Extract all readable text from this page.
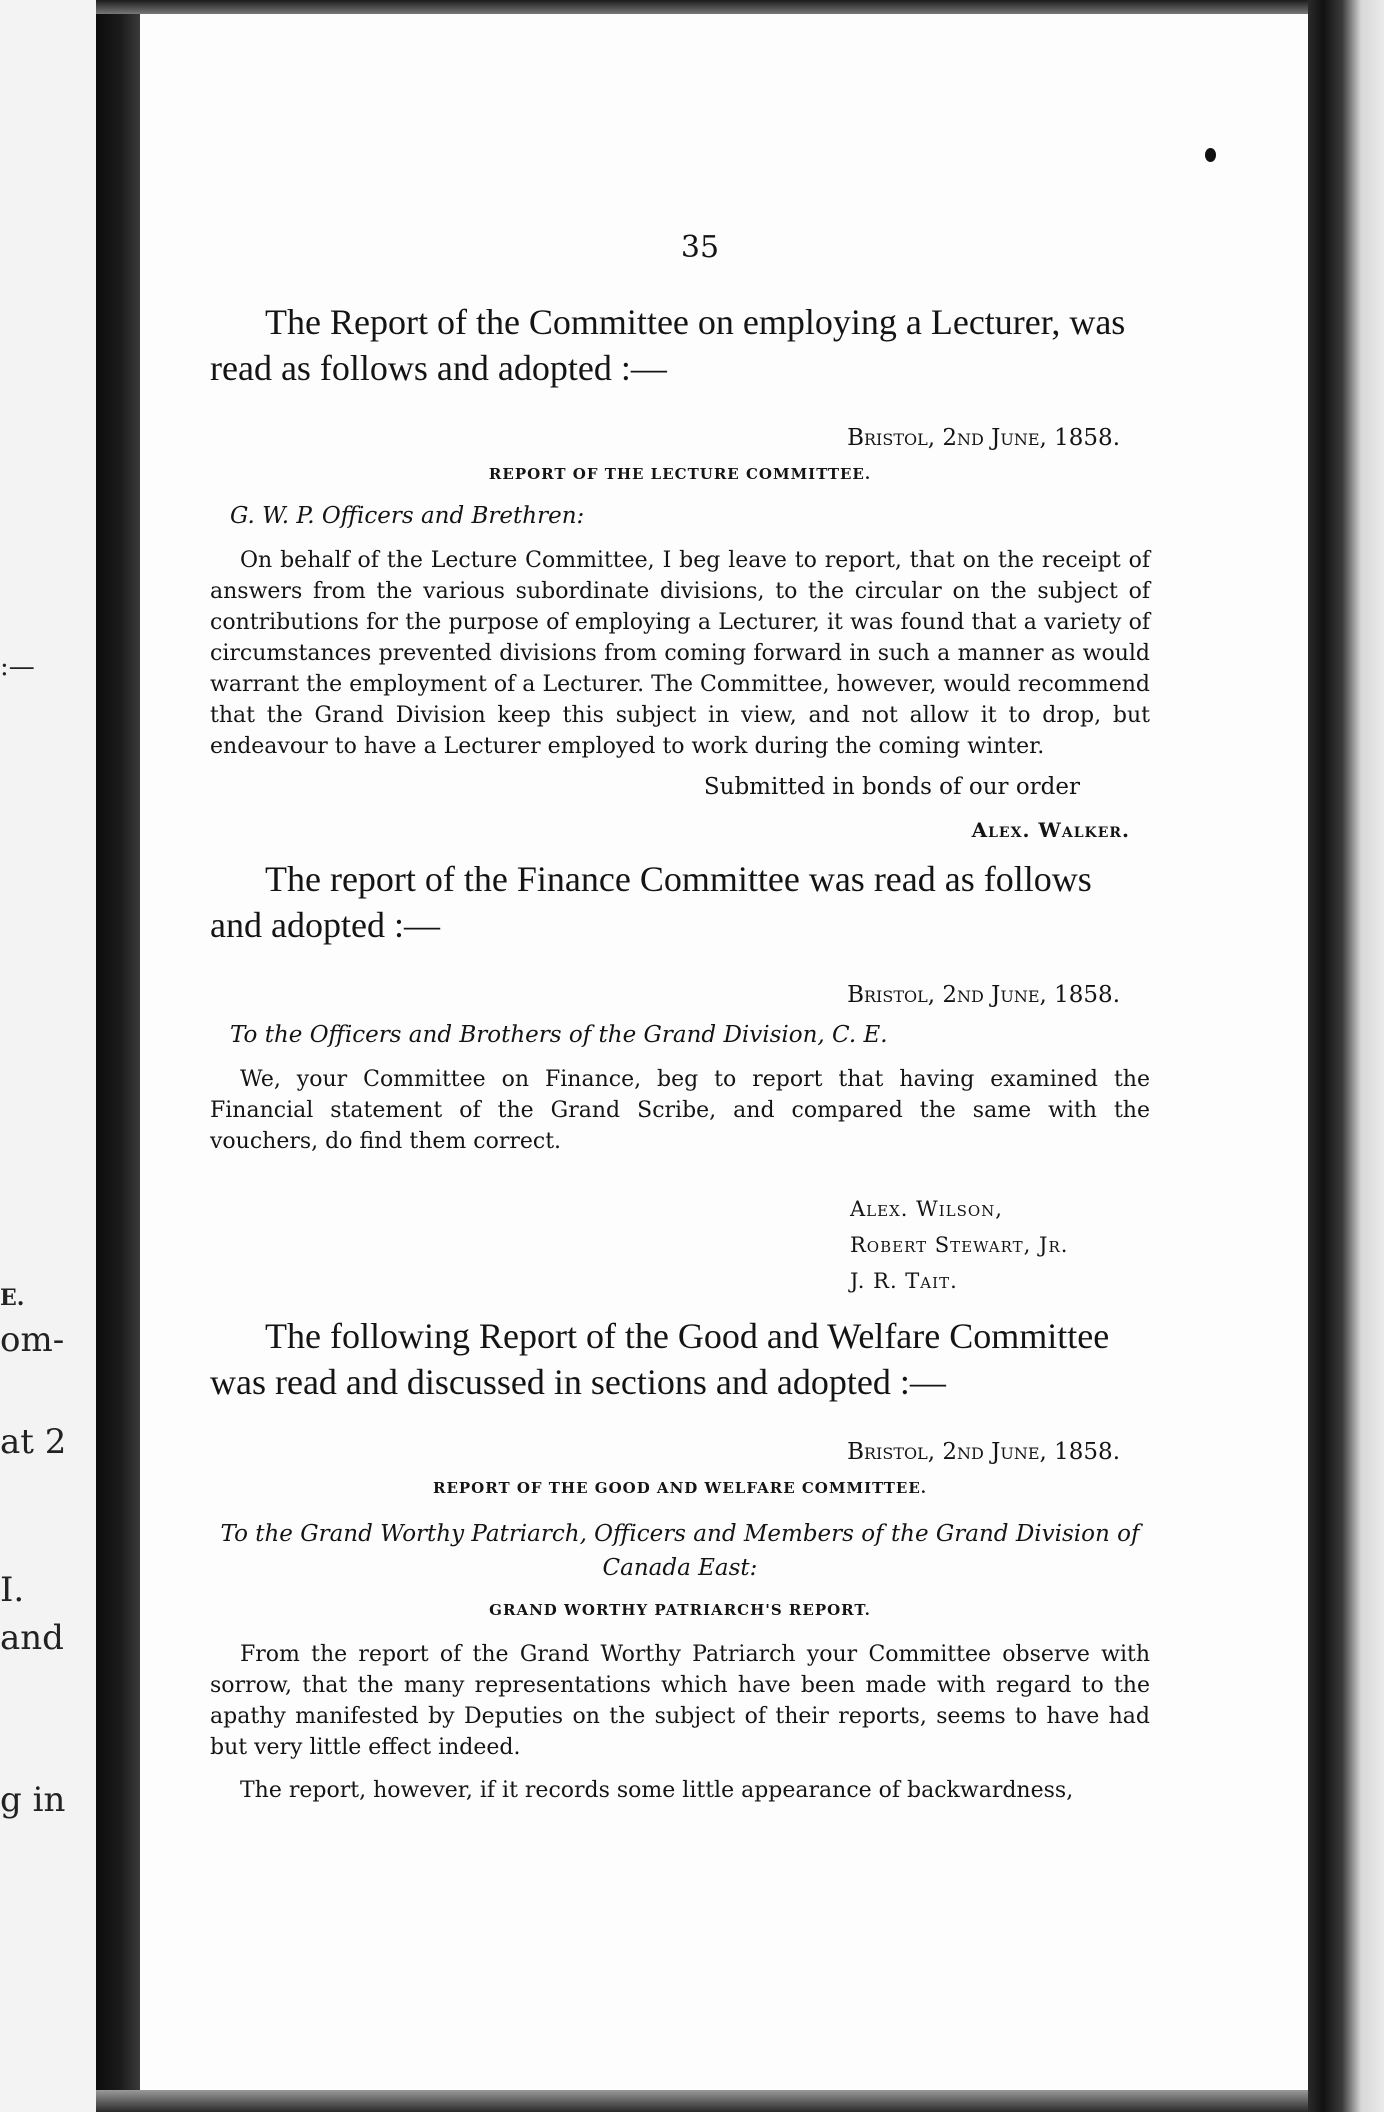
:—
E.
om-
at 2
I.
and
g in
35

The Report of the Committee on employing a Lecturer, was read as follows and adopted :—

Bristol, 2nd June, 1858.
REPORT OF THE LECTURE COMMITTEE.
G. W. P. Officers and Brethren:

On behalf of the Lecture Committee, I beg leave to report, that on the receipt of answers from the various subordinate divisions, to the circular on the subject of contributions for the purpose of employing a Lecturer, it was found that a variety of circumstances prevented divisions from coming forward in such a manner as would warrant the employment of a Lecturer. The Committee, however, would recommend that the Grand Division keep this subject in view, and not allow it to drop, but endeavour to have a Lecturer employed to work during the coming winter.

Submitted in bonds of our order
Alex. Walker.

The report of the Finance Committee was read as follows and adopted :—

Bristol, 2nd June, 1858.
To the Officers and Brothers of the Grand Division, C. E.

We, your Committee on Finance, beg to report that having examined the Financial statement of the Grand Scribe, and compared the same with the vouchers, do find them correct.

Alex. Wilson,
Robert Stewart, Jr.
J. R. Tait.

The following Report of the Good and Welfare Committee was read and discussed in sections and adopted :—

Bristol, 2nd June, 1858.
REPORT OF THE GOOD AND WELFARE COMMITTEE.
To the Grand Worthy Patriarch, Officers and Members of the Grand Division of Canada East:
GRAND WORTHY PATRIARCH'S REPORT.

From the report of the Grand Worthy Patriarch your Committee observe with sorrow, that the many representations which have been made with regard to the apathy manifested by Deputies on the subject of their reports, seems to have had but very little effect indeed.

The report, however, if it records some little appearance of backwardness,
